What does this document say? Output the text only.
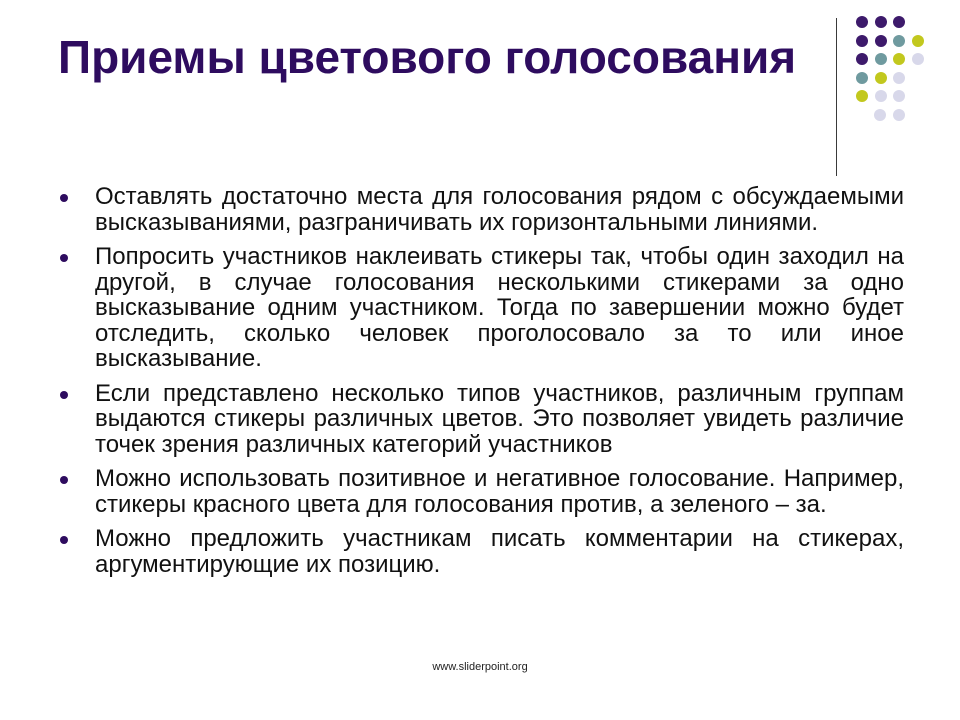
Приемы цветового голосования
Оставлять достаточно места для голосования рядом с обсуждаемыми высказываниями, разграничивать их горизонтальными линиями.
Попросить участников наклеивать стикеры так, чтобы один заходил на другой, в случае голосования несколькими стикерами за одно высказывание одним участником. Тогда по завершении можно будет отследить, сколько человек проголосовало за то или иное высказывание.
Если представлено несколько типов участников, различным группам выдаются стикеры различных цветов. Это позволяет увидеть различие точек зрения различных категорий участников
Можно использовать позитивное и негативное голосование. Например, стикеры красного цвета для голосования против, а зеленого – за.
Можно предложить участникам писать комментарии на стикерах, аргументирующие их позицию.
www.sliderpoint.org
